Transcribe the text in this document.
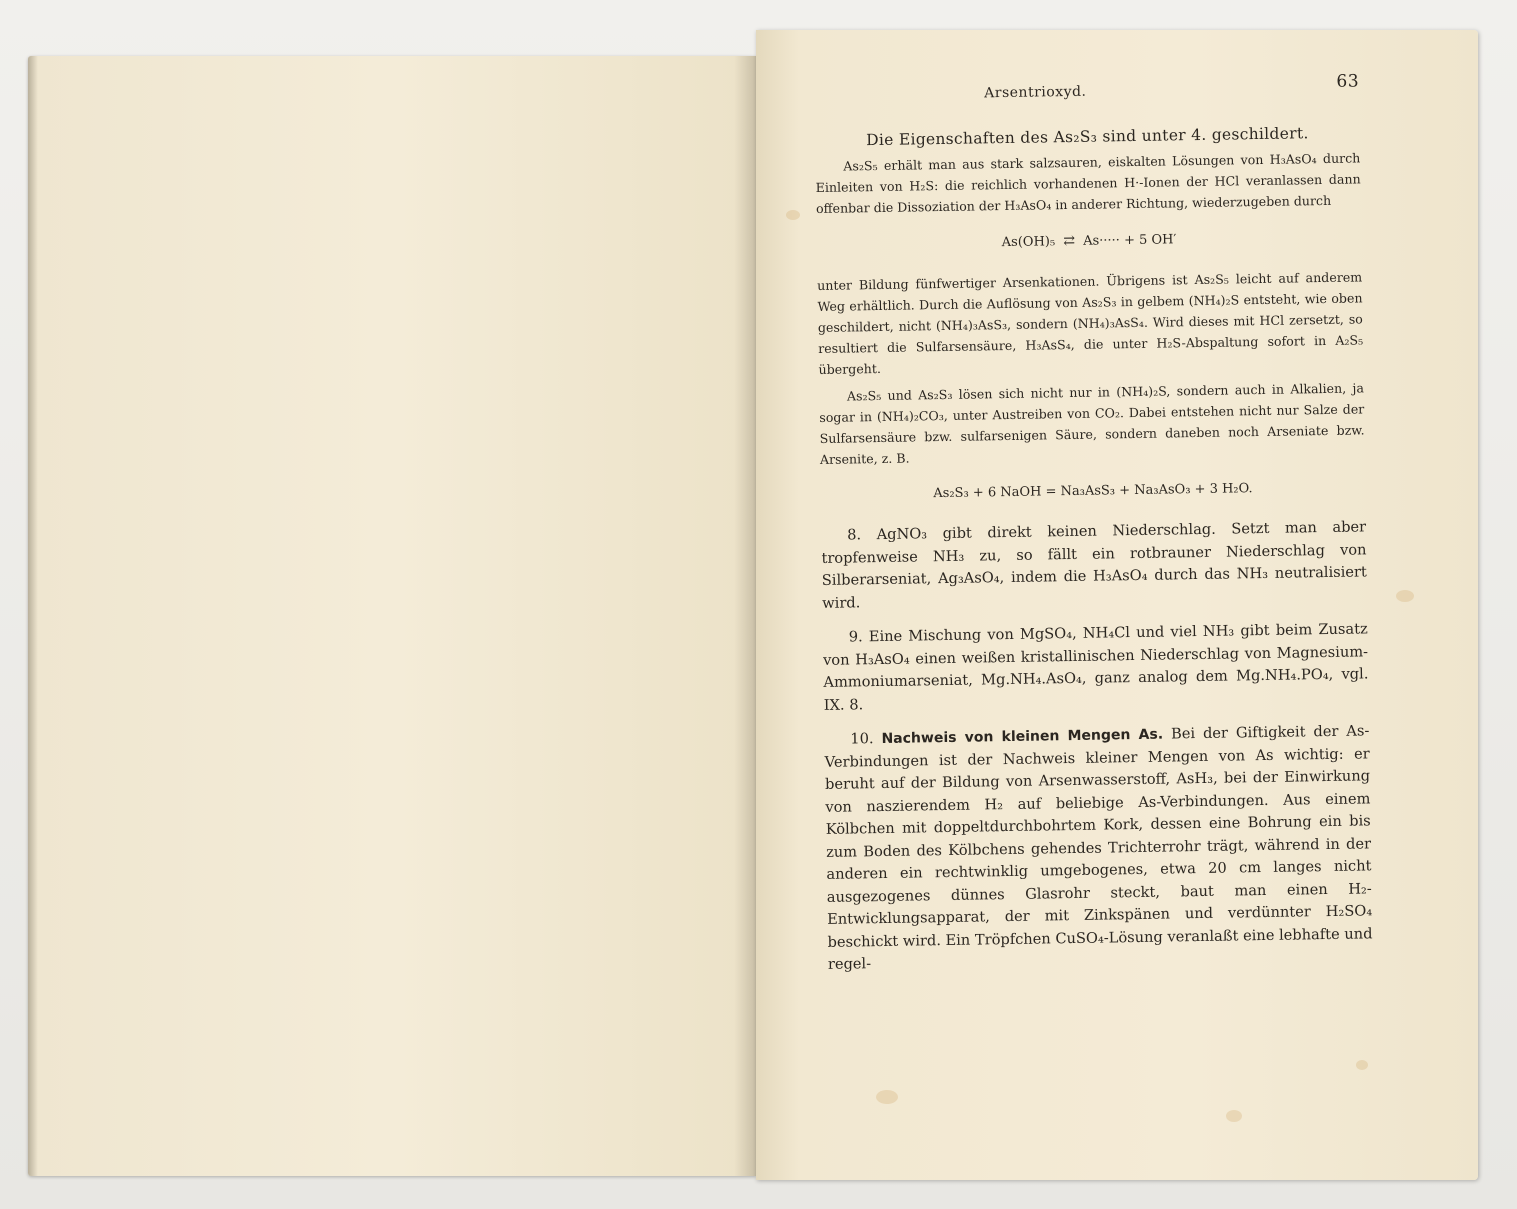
Arsentrioxyd.
63
Die Eigenschaften des As₂S₃ sind unter 4. geschildert.

As₂S₅ erhält man aus stark salzsauren, eiskalten Lösungen von H₃AsO₄ durch Einleiten von H₂S: die reichlich vorhandenen H·-Ionen der HCl veranlassen dann offenbar die Dissoziation der H₃AsO₄ in anderer Richtung, wiederzugeben durch

As(OH)₅ ⇄ As····· + 5 OH′

unter Bildung fünfwertiger Arsenkationen. Übrigens ist As₂S₅ leicht auf anderem Weg erhältlich. Durch die Auflösung von As₂S₃ in gelbem (NH₄)₂S entsteht, wie oben geschildert, nicht (NH₄)₃AsS₃, sondern (NH₄)₃AsS₄. Wird dieses mit HCl zersetzt, so resultiert die Sulfarsensäure, H₃AsS₄, die unter H₂S-Abspaltung sofort in A₂S₅ übergeht.

As₂S₅ und As₂S₃ lösen sich nicht nur in (NH₄)₂S, sondern auch in Alkalien, ja sogar in (NH₄)₂CO₃, unter Austreiben von CO₂. Dabei entstehen nicht nur Salze der Sulfarsensäure bzw. sulfarsenigen Säure, sondern daneben noch Arseniate bzw. Arsenite, z. B.

As₂S₃ + 6 NaOH = Na₃AsS₃ + Na₃AsO₃ + 3 H₂O.

8. AgNO₃ gibt direkt keinen Niederschlag. Setzt man aber tropfenweise NH₃ zu, so fällt ein rotbrauner Niederschlag von Silberarseniat, Ag₃AsO₄, indem die H₃AsO₄ durch das NH₃ neutralisiert wird.

9. Eine Mischung von MgSO₄, NH₄Cl und viel NH₃ gibt beim Zusatz von H₃AsO₄ einen weißen kristallinischen Niederschlag von Magnesium-Ammoniumarseniat, Mg.NH₄.AsO₄, ganz analog dem Mg.NH₄.PO₄, vgl. IX. 8.

10. Nachweis von kleinen Mengen As. Bei der Giftigkeit der As-Verbindungen ist der Nachweis kleiner Mengen von As wichtig: er beruht auf der Bildung von Arsenwasserstoff, AsH₃, bei der Einwirkung von naszierendem H₂ auf beliebige As-Verbindungen. Aus einem Kölbchen mit doppeltdurchbohrtem Kork, dessen eine Bohrung ein bis zum Boden des Kölbchens gehendes Trichterrohr trägt, während in der anderen ein rechtwinklig umgebogenes, etwa 20 cm langes nicht ausgezogenes dünnes Glasrohr steckt, baut man einen H₂-Entwicklungsapparat, der mit Zinkspänen und verdünnter H₂SO₄ beschickt wird. Ein Tröpfchen CuSO₄-Lösung veranlaßt eine lebhafte und regel-
